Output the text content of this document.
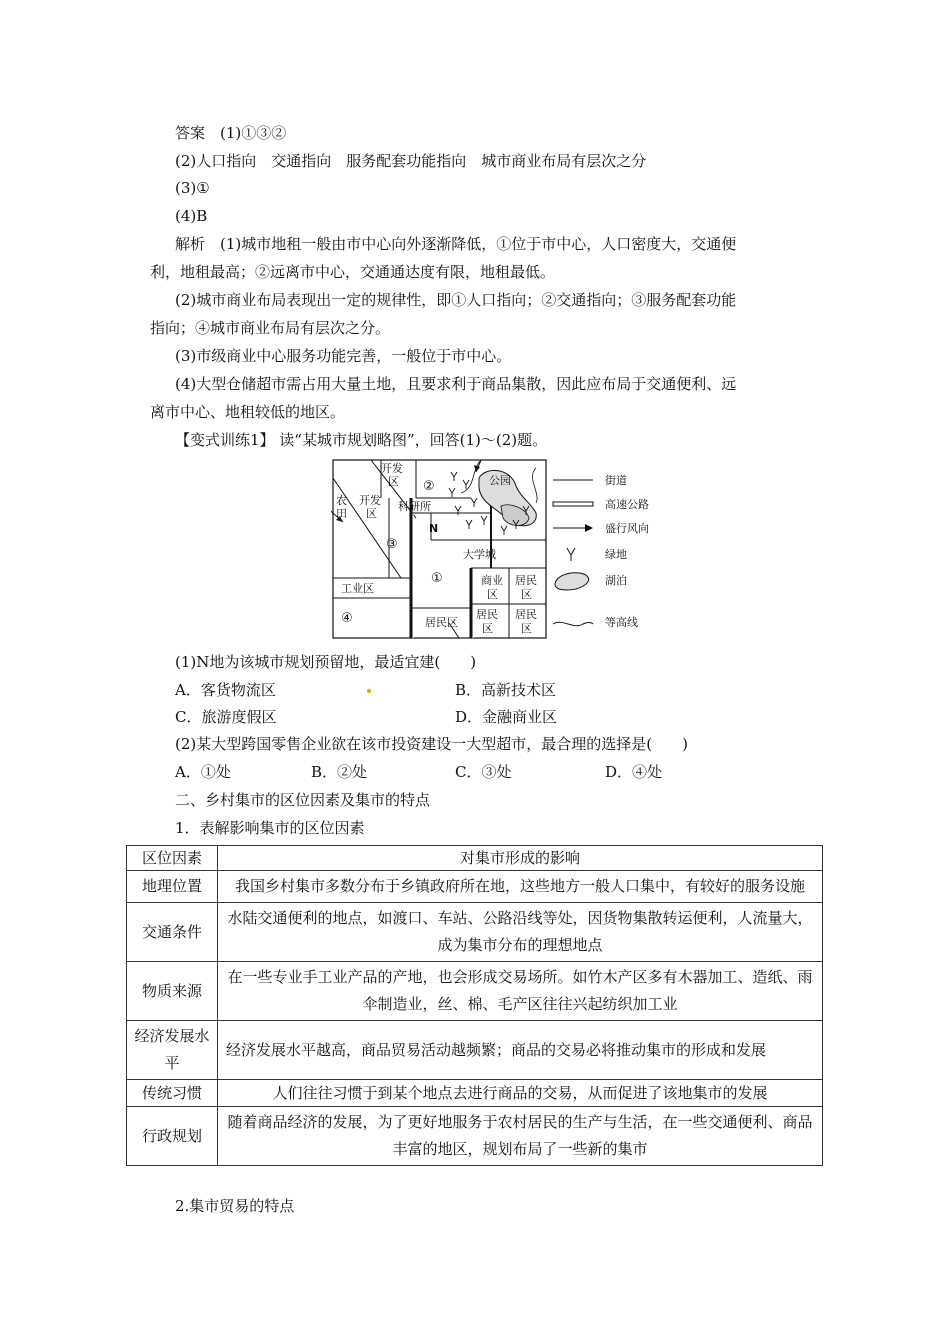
答案　(1)①③②
(2)人口指向　交通指向　服务配套功能指向　城市商业布局有层次之分
(3)①
(4)B
解析　(1)城市地租一般由市中心向外逐渐降低，①位于市中心，人口密度大，交通便
利，地租最高；②远离市中心，交通通达度有限，地租最低。
(2)城市商业布局表现出一定的规律性，即①人口指向；②交通指向；③服务配套功能
指向；④城市商业布局有层次之分。
(3)市级商业中心服务功能完善，一般位于市中心。
(4)大型仓储超市需占用大量土地，且要求利于商品集散，因此应布局于交通便利、远
离市中心、地租较低的地区。
【变式训练1】 读“某城市规划略图”，回答(1)～(2)题。
开发
区
开发
区
农
田
科研所
公园
N
大学城
工业区
商业
区
居民
区
居民
区
居民
区
居民区
②
③
①
④
街道
高速公路
盛行风向
绿地
湖泊
等高线
(1)N地为该城市规划预留地，最适宜建(　　)
A．客货物流区	B．高新技术区
C．旅游度假区	D．金融商业区
(2)某大型跨国零售企业欲在该市投资建设一大型超市，最合理的选择是(　　)
A．①处	B．②处	C．③处	D．④处
二、乡村集市的区位因素及集市的特点
1．表解影响集市的区位因素
区位因素	对集市形成的影响
地理位置	我国乡村集市多数分布于乡镇政府所在地，这些地方一般人口集中，有较好的服务设施
交通条件	水陆交通便利的地点，如渡口、车站、公路沿线等处，因货物集散转运便利，人流量大，成为集市分布的理想地点
物质来源	在一些专业手工业产品的产地，也会形成交易场所。如竹木产区多有木器加工、造纸、雨伞制造业，丝、棉、毛产区往往兴起纺织加工业
经济发展水平	经济发展水平越高，商品贸易活动越频繁；商品的交易必将推动集市的形成和发展
传统习惯	人们往往习惯于到某个地点去进行商品的交易，从而促进了该地集市的发展
行政规划	随着商品经济的发展，为了更好地服务于农村居民的生产与生活，在一些交通便利、商品丰富的地区，规划布局了一些新的集市
2.集市贸易的特点
